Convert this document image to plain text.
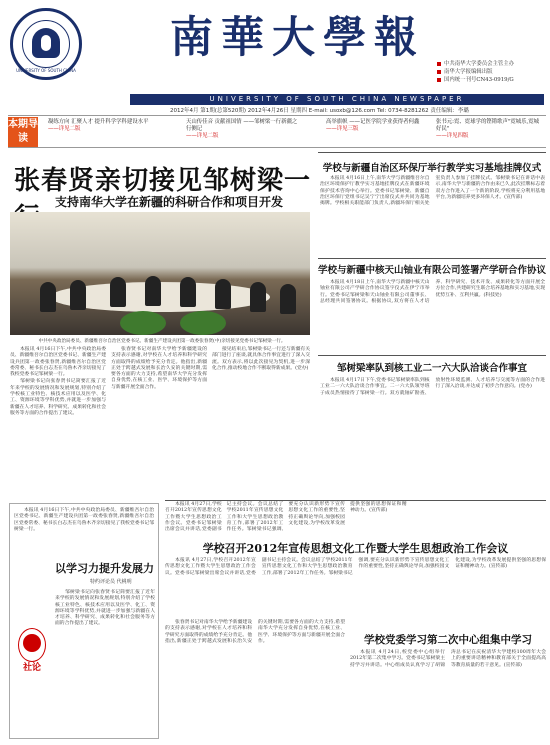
UNIVERSITY OF SOUTH CHINA
南華大學報
中共南华大学委员会主管主办
南华大学报编辑出版
国内统一刊号CN43-0919/G
UNIVERSITY OF SOUTH CHINA NEWSPAPER
2012年4月 第1期(总第520期) 2012年4月26日 星期四 E-mail: usoxb@126.com Tel: 0734-8281262 责任编辑：李璐
本期导读
凝练方向 汇聚人才 提升科学学科建设水平
——详见二版
天山传佳音 贡献祖国情 ——邹树梁一行新疆之行侧记
——详见二版
高举旗帜 ——记医学院学业获得者何鑫
——详见三版
张书元:霓、霓球学的铿锵歌声"霓城乐,霓城好民"
——详见四版
张春贤亲切接见邹树梁一
支持南华大学在新疆的科研合作和项目开发
中共中央政治局委员、新疆维吾尔自治区党委书记、新疆生产建设兵团第一政委张春贤(中)亲切接见党委书记邹树梁一行。

本报讯 4月16日下午,中共中央政治局委员、新疆维吾尔自治区党委书记、新疆生产建设兵团第一政委张春贤,新疆维吾尔自治区党委常委、秘书长白志杰在乌鲁木齐亲切接见了我校党委书记邹树梁一行。

邹树梁书记向张春贤书记简要汇报了近年来学校的发展情况和发展规划,特别介绍了学校核工业特色、核技术应用以及医学、化工、资源环境等学科优势,并就进一步加强与新疆在人才培养、科学研究、成果转化和社会服务等方面的合作提出了建议。

张春贤书记对南华大学给予新疆建设的支持表示感谢,对学校在人才培养和科学研究方面取得的成绩给予充分肯定。他指出,新疆正处于跨越式发展和长治久安的关键时期,需要各方面的大力支持,希望南华大学充分发挥自身优势,在核工业、医学、环境保护等方面与新疆开展全面合作。

接见结束后,邹树梁书记一行还与新疆有关部门进行了座谈,就具体合作事宜进行了深入交流。双方表示,将以此次接见为契机,进一步深化合作,推动校地合作不断取得新成果。(党办)

学校与新疆自治区环保厅举行教学实习基地挂牌仪式

本报讯 4月16日上午,南华大学与新疆维吾尔自治区环境保护厅教学实习基地挂牌仪式在新疆环境保护技术咨询中心举行。党委书记邹树梁、新疆自治区环保厅党组书记吴宁宁出席仪式并共同为基地揭牌。学校相关职能部门负责人,新疆环保厅相关处室负责人参加了挂牌仪式。邹树梁书记在讲话中表示,南华大学与新疆的合作由来已久,此次挂牌标志着双方合作进入了一个新的阶段,学校将充分利用基地平台,为新疆培养更多环保人才。(宣传部)

学校与新疆中核天山铀业有限公司签署产学研合作协议

本报讯 4月18日上午,南华大学与新疆中核天山铀业有限公司产学研合作协议签字仪式在伊宁市举行。党委书记邹树梁和天山铀业有限公司董事长、总经理共同签署协议。根据协议,双方将在人才培养、科学研究、技术开发、成果转化等方面开展全方位合作,共建研究生联合培养基地和实习基地,实现优势互补、互利共赢。(科技处)

邹树梁率队到核工业二一六大队洽谈合作事宜

本报讯 4月17日下午,党委书记邹树梁率队到核工业二一六大队洽谈合作事宜。二一六大队领导班子成员热情接待了邹树梁一行。双方就铀矿勘查、放射性环境监测、人才培养与交流等方面的合作进行了深入洽谈,并达成了初步合作意向。(党办)

学校召开2012年宣传思想文化工作暨大学生思想政治工作会议

本报讯 4月27日,学校召开2012年宣传思想文化工作暨大学生思想政治工作会议。党委书记邹树梁出席会议并讲话,党委副书记主持会议。会议总结了学校2011年宣传思想文化工作和大学生思想政治教育工作,部署了2012年工作任务。邹树梁书记强调,要充分认识新形势下宣传思想文化工作的重要性,坚持正确舆论导向,加强校园文化建设,为学校改革发展提供坚强的思想保证和精神动力。(宣传部)

本报讯 4月27日,学校召开2012年宣传思想文化工作暨大学生思想政治工作会议。党委书记邹树梁出席会议并讲话,党委副书记主持会议。会议总结了学校2011年宣传思想文化工作和大学生思想政治教育工作,部署了2012年工作任务。邹树梁书记强调,要充分认识新形势下宣传思想文化工作的重要性,坚持正确舆论导向,加强校园文化建设,为学校改革发展提供坚强的思想保证和精神动力。(宣传部)

本报讯 4月16日下午,中共中央政治局委员、新疆维吾尔自治区党委书记、新疆生产建设兵团第一政委张春贤,新疆维吾尔自治区党委常委、秘书长白志杰在乌鲁木齐亲切接见了我校党委书记邹树梁一行。

以学习力提升发展力
特约评论员 代桃明
社论

邹树梁书记向张春贤书记简要汇报了近年来学校的发展情况和发展规划,特别介绍了学校核工业特色、核技术应用以及医学、化工、资源环境等学科优势,并就进一步加强与新疆在人才培养、科学研究、成果转化和社会服务等方面的合作提出了建议。	张春贤书记对南华大学给予新疆建设的支持表示感谢,对学校在人才培养和科学研究方面取得的成绩给予充分肯定。他指出,新疆正处于跨越式发展和长治久安的关键时期,需要各方面的大力支持,希望南华大学充分发挥自身优势,在核工业、医学、环境保护等方面与新疆开展全面合作。	学校党委学习第二次中心组集中学习

本报讯 4月24日,校党委中心组举行2012年第二次集中学习。党委书记邹树梁主持学习并讲话。中心组成员认真学习了胡锦涛总书记在庆祝清华大学建校100周年大会上的重要讲话精神和教育部关于全面提高高等教育质量的若干意见。(宣传部)
